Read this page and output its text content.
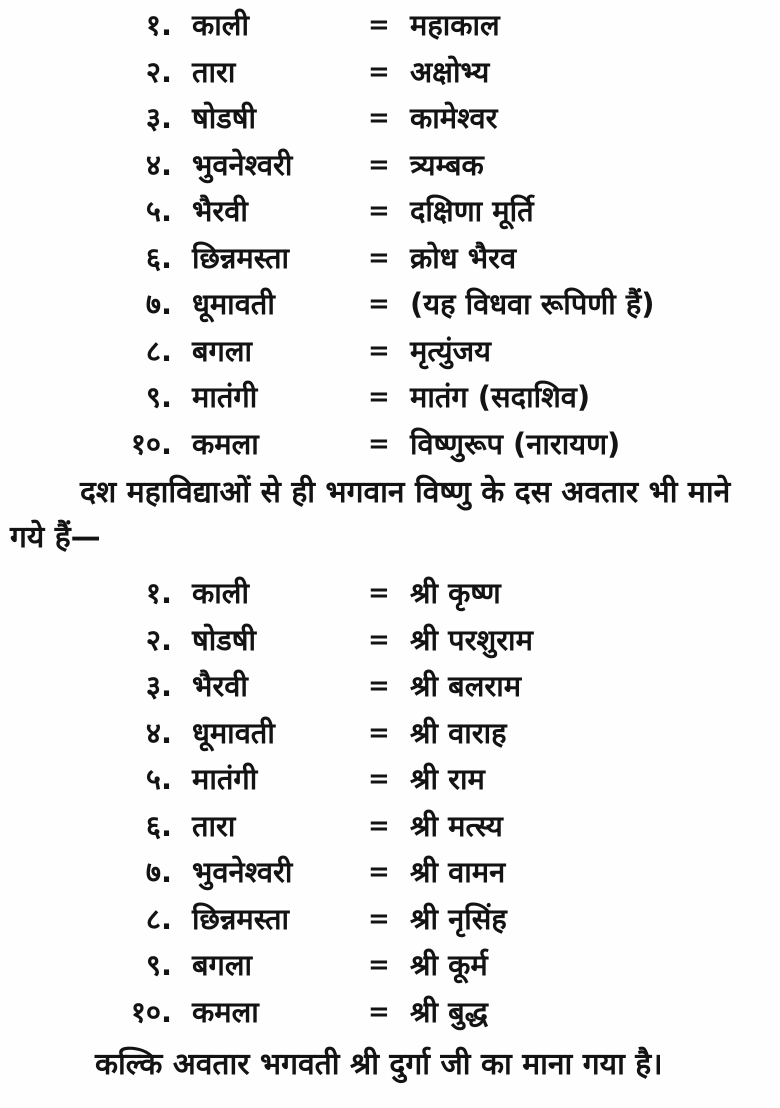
१. काली	= महाकाल
२. तारा	= अक्षोभ्य
३. षोडषी	= कामेश्वर
४. भुवनेश्वरी	= त्र्यम्बक
५. भैरवी	= दक्षिणा मूर्ति
६. छिन्नमस्ता	= क्रोध भैरव
७. धूमावती	= (यह विधवा रूपिणी हैं)
८. बगला	= मृत्युंजय
९. मातंगी	= मातंग (सदाशिव)
१०. कमला	= विष्णुरूप (नारायण)
दश महाविद्याओं से ही भगवान विष्णु के दस अवतार भी माने
गये हैं—
१. काली	= श्री कृष्ण
२. षोडषी	= श्री परशुराम
३. भैरवी	= श्री बलराम
४. धूमावती	= श्री वाराह
५. मातंगी	= श्री राम
६. तारा	= श्री मत्स्य
७. भुवनेश्वरी	= श्री वामन
८. छिन्नमस्ता	= श्री नृसिंह
९. बगला	= श्री कूर्म
१०. कमला	= श्री बुद्ध
कल्कि अवतार भगवती श्री दुर्गा जी का माना गया है।
